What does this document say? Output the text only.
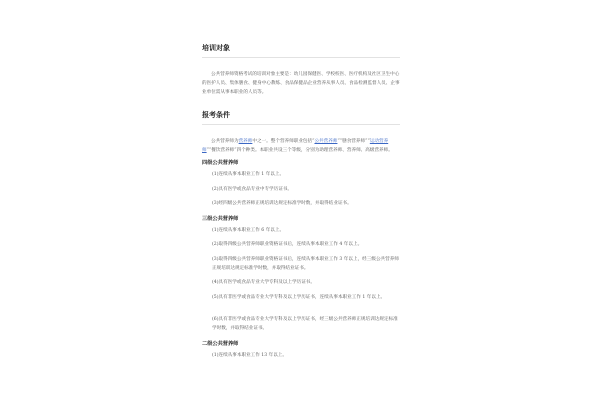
培训对象

公共营养师资格考试的培训对象主要是：幼儿园保健医、学校校医、医疗机构及社区卫生中心的医护人员、集体膳食、健身中心教练、食品保健品企业营养从事人员、食品检测监督人员、企事业单位需从事本职业的人员等。

报考条件

公共营养师为营养师中之一。整个营养师职业包括“公共营养师”“膳食营养师”“运动营养师”“餐饮营养师”四个种类。本职业共设三个等级，分别为助理营养师、营养师、高级营养师。

四级公共营养师
(1)连续从事本职业工作 1 年以上。
(2)具有医学或食品专业中专学历证书。
(3)经四级公共营养师正规培训达规定标准学时数，并取得结业证书。
三级公共营养师
(1)连续从事本职业工作 6 年以上。
(2)取得四级公共营养师职业资格证书后，连续从事本职业工作 4 年以上。
(3)取得四级公共营养师职业资格证书后，连续从事本职业工作 3 年以上，经三级公共营养师正规培训达规定标准学时数，并取得结业证书。
(4)具有医学或食品专业大学专科及以上学历证书。
(5)具有非医学或食品专业大学专科及以上学历证书，连续从事本职业工作 1 年以上。
(6)具有非医学或食品专业大学专科及以上学历证书，经三级公共营养师正规培训达规定标准学时数，并取得结业证书。
二级公共营养师
(1)连续从事本职业工作 13 年以上。
